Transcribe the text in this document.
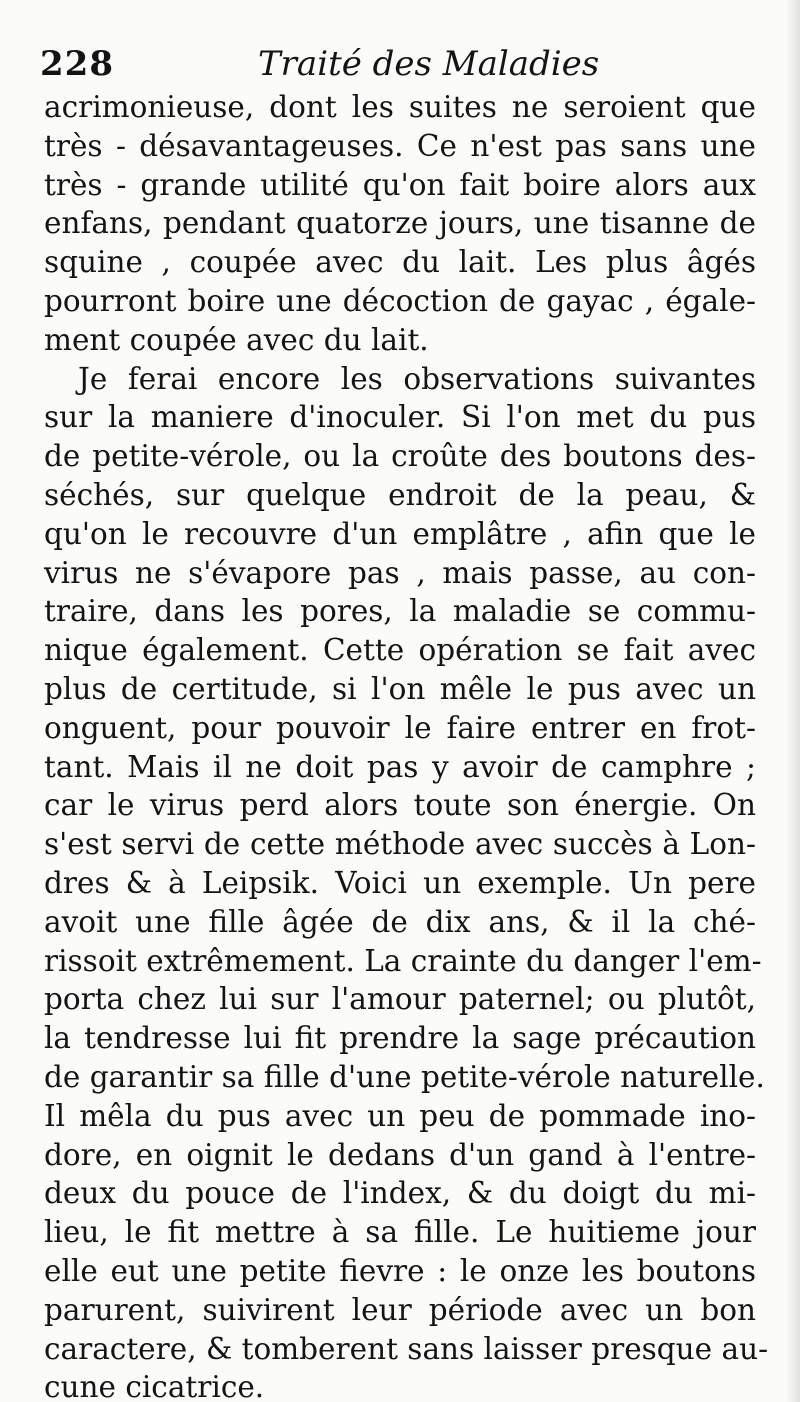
228	Traité des Maladies
acrimonieuse, dont les suites ne seroient que
très - désavantageuses. Ce n'est pas sans une
très - grande utilité qu'on fait boire alors aux
enfans, pendant quatorze jours, une tisanne de
squine , coupée avec du lait. Les plus âgés
pourront boire une décoction de gayac , égale-
ment coupée avec du lait.
Je ferai encore les observations suivantes
sur la maniere d'inoculer. Si l'on met du pus
de petite-vérole, ou la croûte des boutons des-
séchés, sur quelque endroit de la peau, &
qu'on le recouvre d'un emplâtre , afin que le
virus ne s'évapore pas , mais passe, au con-
traire, dans les pores, la maladie se commu-
nique également. Cette opération se fait avec
plus de certitude, si l'on mêle le pus avec un
onguent, pour pouvoir le faire entrer en frot-
tant. Mais il ne doit pas y avoir de camphre ;
car le virus perd alors toute son énergie. On
s'est servi de cette méthode avec succès à Lon-
dres & à Leipsik. Voici un exemple. Un pere
avoit une fille âgée de dix ans, & il la ché-
rissoit extrêmement. La crainte du danger l'em-
porta chez lui sur l'amour paternel; ou plutôt,
la tendresse lui fit prendre la sage précaution
de garantir sa fille d'une petite-vérole naturelle.
Il mêla du pus avec un peu de pommade ino-
dore, en oignit le dedans d'un gand à l'entre-
deux du pouce de l'index, & du doigt du mi-
lieu, le fit mettre à sa fille. Le huitieme jour
elle eut une petite fievre : le onze les boutons
parurent, suivirent leur période avec un bon
caractere, & tomberent sans laisser presque au-
cune cicatrice.
